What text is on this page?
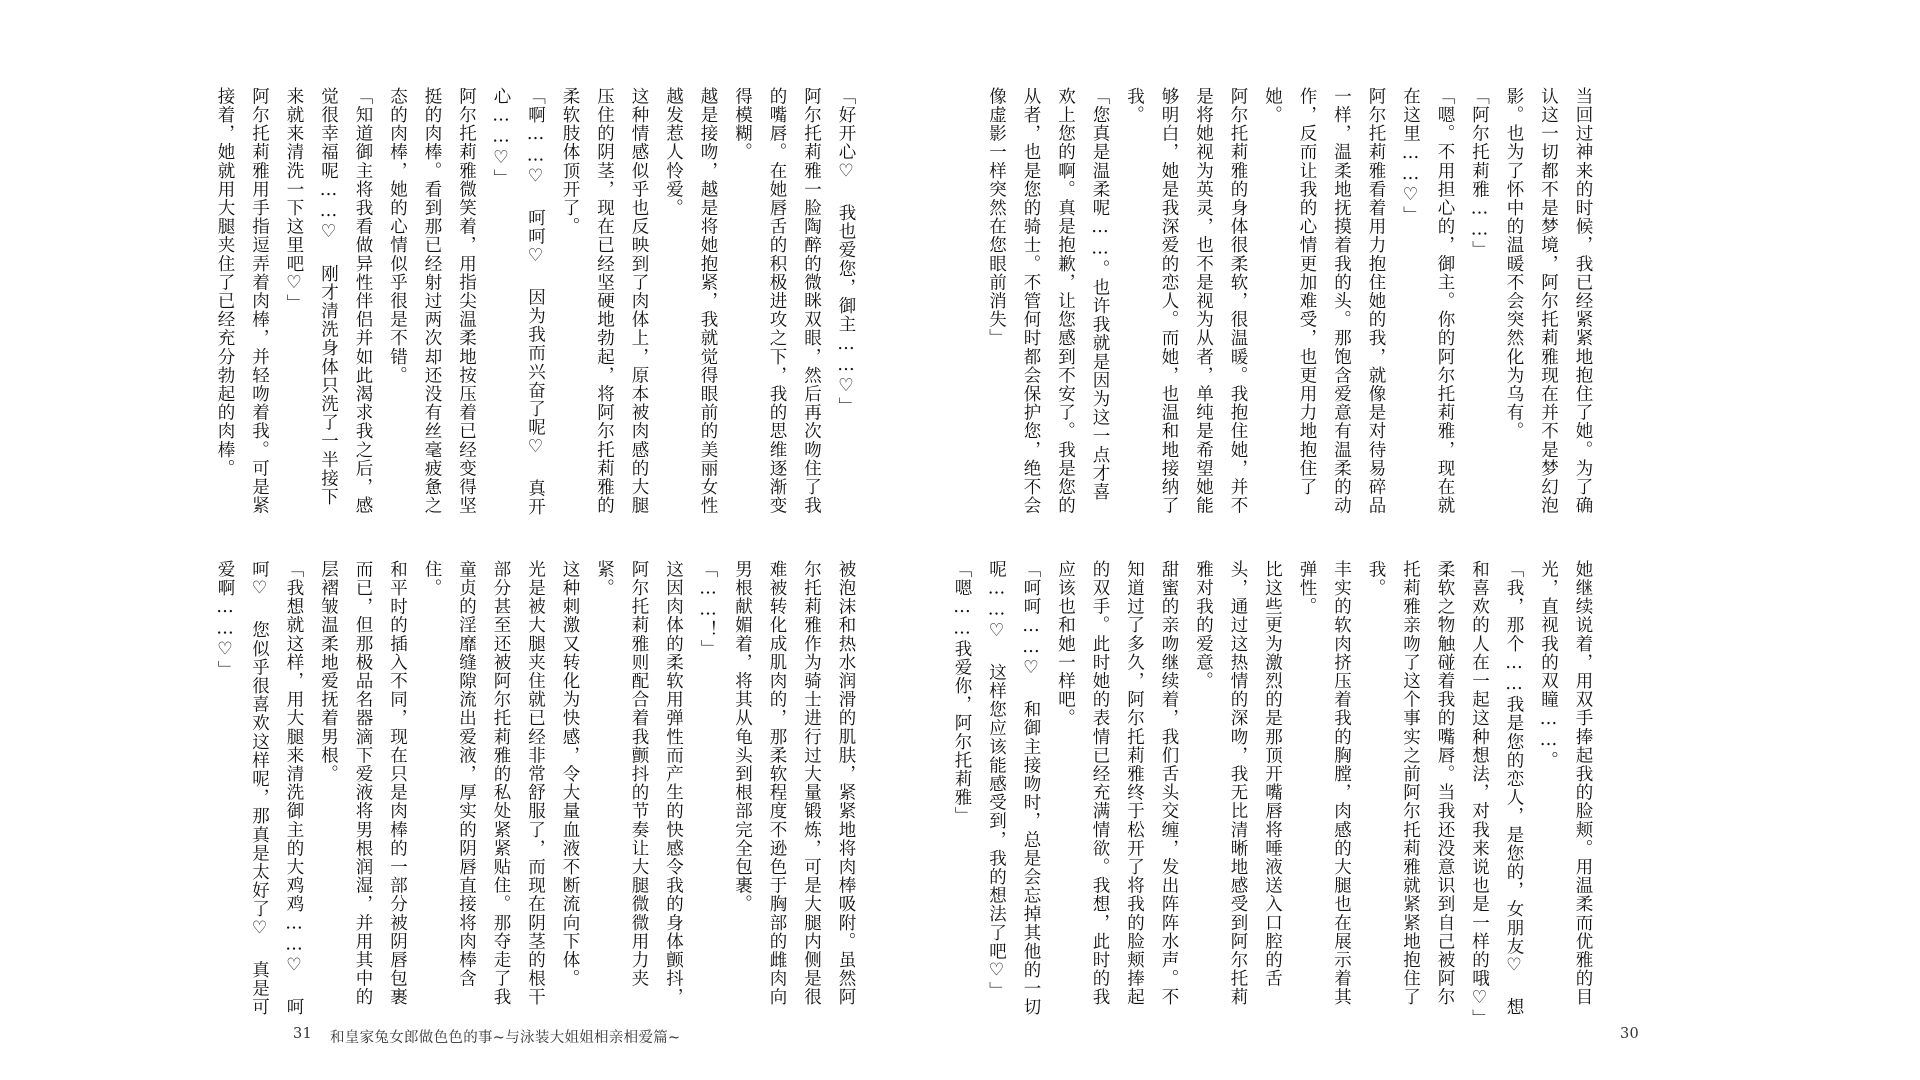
当回过神来的时候，我已经紧紧地抱住了她。为了确认这一切都不是梦境，阿尔托莉雅现在并不是梦幻泡影。也为了怀中的温暖不会突然化为乌有。

「阿尔托莉雅……」

「嗯。不用担心的，御主。你的阿尔托莉雅，现在就在这里……♡」

阿尔托莉雅看着用力抱住她的我，就像是对待易碎品一样，温柔地抚摸着我的头。那饱含爱意有温柔的动作，反而让我的心情更加难受，也更用力地抱住了她。

阿尔托莉雅的身体很柔软，很温暖。我抱住她，并不是将她视为英灵，也不是视为从者，单纯是希望她能够明白，她是我深爱的恋人。而她，也温和地接纳了我。

「您真是温柔呢……。也许我就是因为这一点才喜欢上您的啊。真是抱歉，让您感到不安了。我是您的从者，也是您的骑士。不管何时都会保护您，绝不会像虚影一样突然在您眼前消失」

她继续说着，用双手捧起我的脸颊。用温柔而优雅的目光，直视我的双瞳……。

「我，那个……我是您的恋人，是您的，女朋友♡ 想和喜欢的人在一起这种想法，对我来说也是一样的哦♡」

柔软之物触碰着我的嘴唇。当我还没意识到自己被阿尔托莉雅亲吻了这个事实之前阿尔托莉雅就紧紧地抱住了我。

丰实的软肉挤压着我的胸膛，肉感的大腿也在展示着其弹性。

比这些更为激烈的是那顶开嘴唇将唾液送入口腔的舌头，通过这热情的深吻，我无比清晰地感受到阿尔托莉雅对我的爱意。

甜蜜的亲吻继续着，我们舌头交缠，发出阵阵水声。不知道过了多久，阿尔托莉雅终于松开了将我的脸颊捧起的双手。此时她的表情已经充满情欲。我想，此时的我应该也和她一样吧。

「呵呵……♡ 和御主接吻时，总是会忘掉其他的一切呢……♡ 这样您应该能感受到，我的想法了吧♡」

「嗯……我爱你，阿尔托莉雅」

「好开心♡ 我也爱您，御主……♡」

阿尔托莉雅一脸陶醉的微眯双眼，然后再次吻住了我的嘴唇。在她唇舌的积极进攻之下，我的思维逐渐变得模糊。

越是接吻，越是将她抱紧，我就觉得眼前的美丽女性越发惹人怜爱。

这种情感似乎也反映到了肉体上，原本被肉感的大腿压住的阴茎，现在已经坚硬地勃起，将阿尔托莉雅的柔软肢体顶开了。

「啊……♡ 呵呵♡ 因为我而兴奋了呢♡ 真开心……♡」

阿尔托莉雅微笑着，用指尖温柔地按压着已经变得坚挺的肉棒。看到那已经射过两次却还没有丝毫疲惫之态的肉棒，她的心情似乎很是不错。

「知道御主将我看做异性伴侣并如此渴求我之后，感觉很幸福呢……♡ 刚才清洗身体只洗了一半接下来就来清洗一下这里吧♡」

阿尔托莉雅用手指逗弄着肉棒，并轻吻着我。可是紧接着，她就用大腿夹住了已经充分勃起的肉棒。

被泡沫和热水润滑的肌肤，紧紧地将肉棒吸附。虽然阿尔托莉雅作为骑士进行过大量锻炼，可是大腿内侧是很难被转化成肌肉的，那柔软程度不逊色于胸部的雌肉向男根献媚着，将其从龟头到根部完全包裹。

「……！」

这因肉体的柔软用弹性而产生的快感令我的身体颤抖，阿尔托莉雅则配合着我颤抖的节奏让大腿微微用力夹紧。

这种刺激又转化为快感，令大量血液不断流向下体。

光是被大腿夹住就已经非常舒服了，而现在阴茎的根干部分甚至还被阿尔托莉雅的私处紧紧贴住。那夺走了我童贞的淫靡缝隙流出爱液，厚实的阴唇直接将肉棒含住。

和平时的插入不同，现在只是肉棒的一部分被阴唇包裹而已，但那极品名器滴下爱液将男根润湿，并用其中的层褶皱温柔地爱抚着男根。

「我想就这样，用大腿来清洗御主的大鸡鸡……♡ 呵呵♡ 您似乎很喜欢这样呢，那真是太好了♡ 真是可爱啊……♡」

31 和皇家兔女郎做色色的事~与泳装大姐姐相亲相爱篇~	30
